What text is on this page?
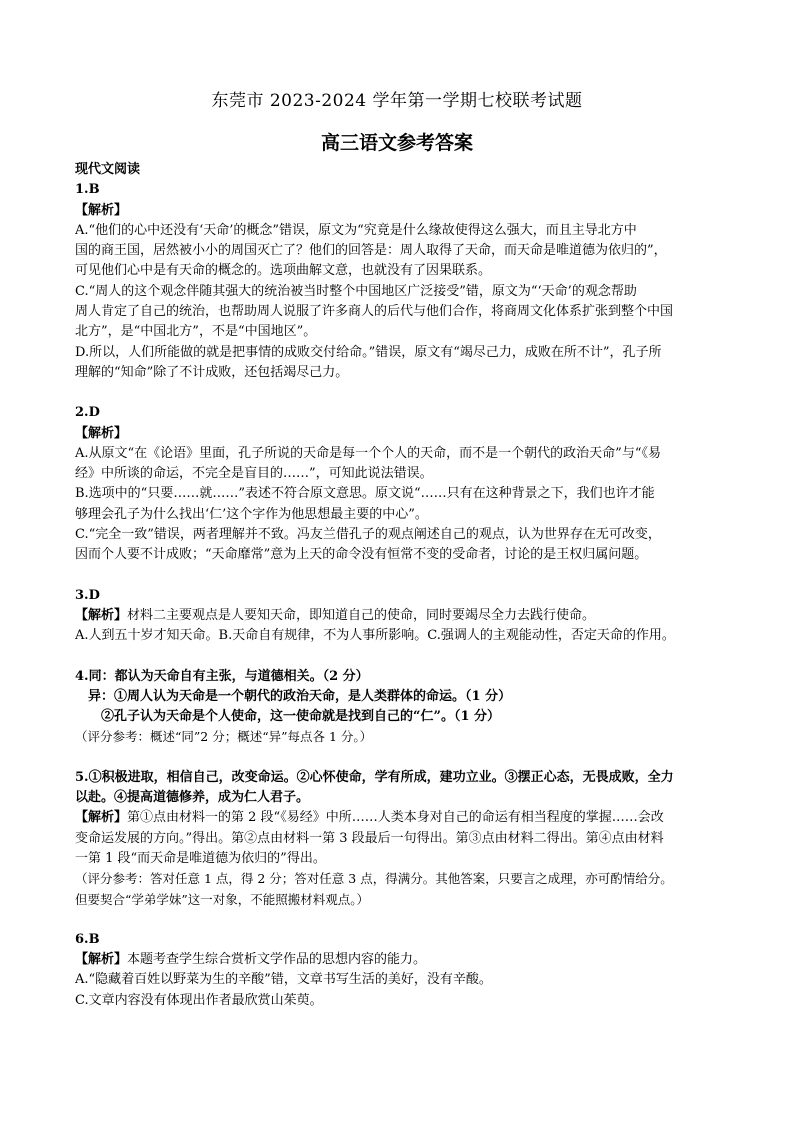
东莞市 2023-2024 学年第一学期七校联考试题
高三语文参考答案
现代文阅读
1.B
【解析】
A.“他们的心中还没有‘天命’的概念”错误，原文为“究竟是什么缘故使得这么强大，而且主导北方中
国的商王国，居然被小小的周国灭亡了？他们的回答是：周人取得了天命，而天命是唯道德为依归的”，
可见他们心中是有天命的概念的。选项曲解文意，也就没有了因果联系。
C.“周人的这个观念伴随其强大的统治被当时整个中国地区广泛接受”错，原文为“‘天命’的观念帮助
周人肯定了自己的统治，也帮助周人说服了许多商人的后代与他们合作，将商周文化体系扩张到整个中国
北方”，是“中国北方”，不是“中国地区”。
D.所以，人们所能做的就是把事情的成败交付给命。”错误，原文有“竭尽己力，成败在所不计”，孔子所
理解的“知命”除了不计成败，还包括竭尽己力。
2.D
【解析】
A.从原文“在《论语》里面，孔子所说的天命是每一个个人的天命，而不是一个朝代的政治天命”与“《易
经》中所谈的命运，不完全是盲目的……”，可知此说法错误。
B.选项中的“只要……就……”表述不符合原文意思。原文说“……只有在这种背景之下，我们也许才能
够理会孔子为什么找出‘仁’这个字作为他思想最主要的中心”。
C.“完全一致”错误，两者理解并不致。冯友兰借孔子的观点阐述自己的观点，认为世界存在无可改变，
因而个人要不计成败；“天命靡常”意为上天的命令没有恒常不变的受命者，讨论的是王权归属问题。
3.D
【解析】材料二主要观点是人要知天命，即知道自己的使命，同时要竭尽全力去践行使命。
A.人到五十岁才知天命。B.天命自有规律，不为人事所影响。C.强调人的主观能动性，否定天命的作用。
4.同：都认为天命自有主张，与道德相关。（2 分）
异：①周人认为天命是一个朝代的政治天命，是人类群体的命运。（1 分）
②孔子认为天命是个人使命，这一使命就是找到自己的“仁”。（1 分）
（评分参考：概述“同”2 分；概述“异”每点各 1 分。）
5.①积极进取，相信自己，改变命运。②心怀使命，学有所成，建功立业。③摆正心态，无畏成败，全力
以赴。④提高道德修养，成为仁人君子。
【解析】第①点由材料一的第 2 段“《易经》中所……人类本身对自己的命运有相当程度的掌握……会改
变命运发展的方向。”得出。第②点由材料一第 3 段最后一句得出。第③点由材料二得出。第④点由材料
一第 1 段“而天命是唯道德为依归的”得出。
（评分参考：答对任意 1 点，得 2 分；答对任意 3 点，得满分。其他答案，只要言之成理，亦可酌情给分。
但要契合“学弟学妹”这一对象，不能照搬材料观点。）
6.B
【解析】本题考查学生综合赏析文学作品的思想内容的能力。
A.“隐藏着百姓以野菜为生的辛酸”错，文章书写生活的美好，没有辛酸。
C.文章内容没有体现出作者最欣赏山茱萸。
